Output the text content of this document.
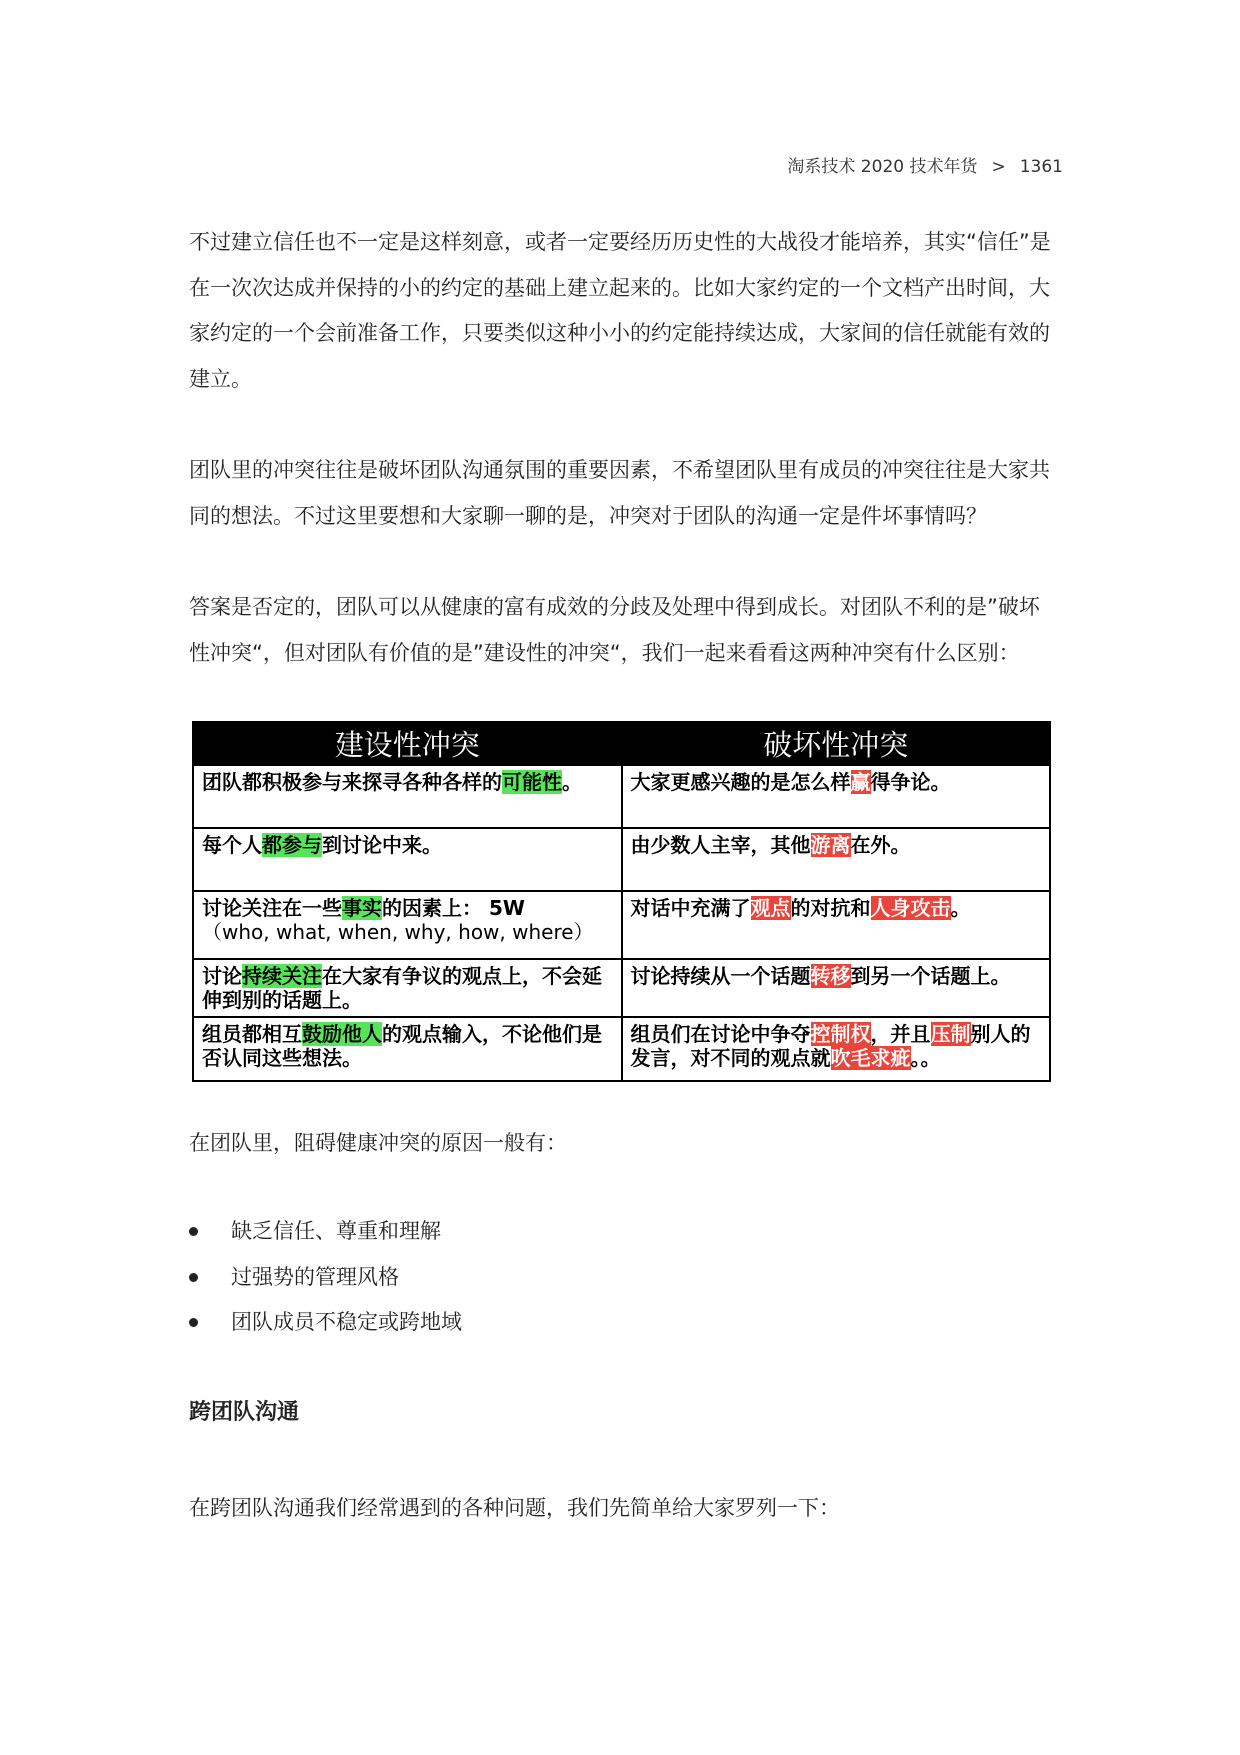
淘系技术 2020 技术年货 > 1361

不过建立信任也不一定是这样刻意，或者一定要经历历史性的大战役才能培养，其实“信任”是在一次次达成并保持的小的约定的基础上建立起来的。比如大家约定的一个文档产出时间，大家约定的一个会前准备工作，只要类似这种小小的约定能持续达成，大家间的信任就能有效的建立。

团队里的冲突往往是破坏团队沟通氛围的重要因素，不希望团队里有成员的冲突往往是大家共同的想法。不过这里要想和大家聊一聊的是，冲突对于团队的沟通一定是件坏事情吗？

答案是否定的，团队可以从健康的富有成效的分歧及处理中得到成长。对团队不利的是”破坏性冲突“，但对团队有价值的是”建设性的冲突“，我们一起来看看这两种冲突有什么区别：

建设性冲突	破坏性冲突
团队都积极参与来探寻各种各样的可能性。	大家更感兴趣的是怎么样赢得争论。
每个人都参与到讨论中来。	由少数人主宰，其他游离在外。
讨论关注在一些事实的因素上： 5W
（who, what, when, why, how, where）	对话中充满了观点的对抗和人身攻击。
讨论持续关注在大家有争议的观点上，不会延伸到别的话题上。	讨论持续从一个话题转移到另一个话题上。
组员都相互鼓励他人的观点输入，不论他们是否认同这些想法。	组员们在讨论中争夺控制权，并且压制别人的发言，对不同的观点就吹毛求疵。。

在团队里，阻碍健康冲突的原因一般有：

缺乏信任、尊重和理解
过强势的管理风格
团队成员不稳定或跨地域
跨团队沟通

在跨团队沟通我们经常遇到的各种问题，我们先简单给大家罗列一下：
